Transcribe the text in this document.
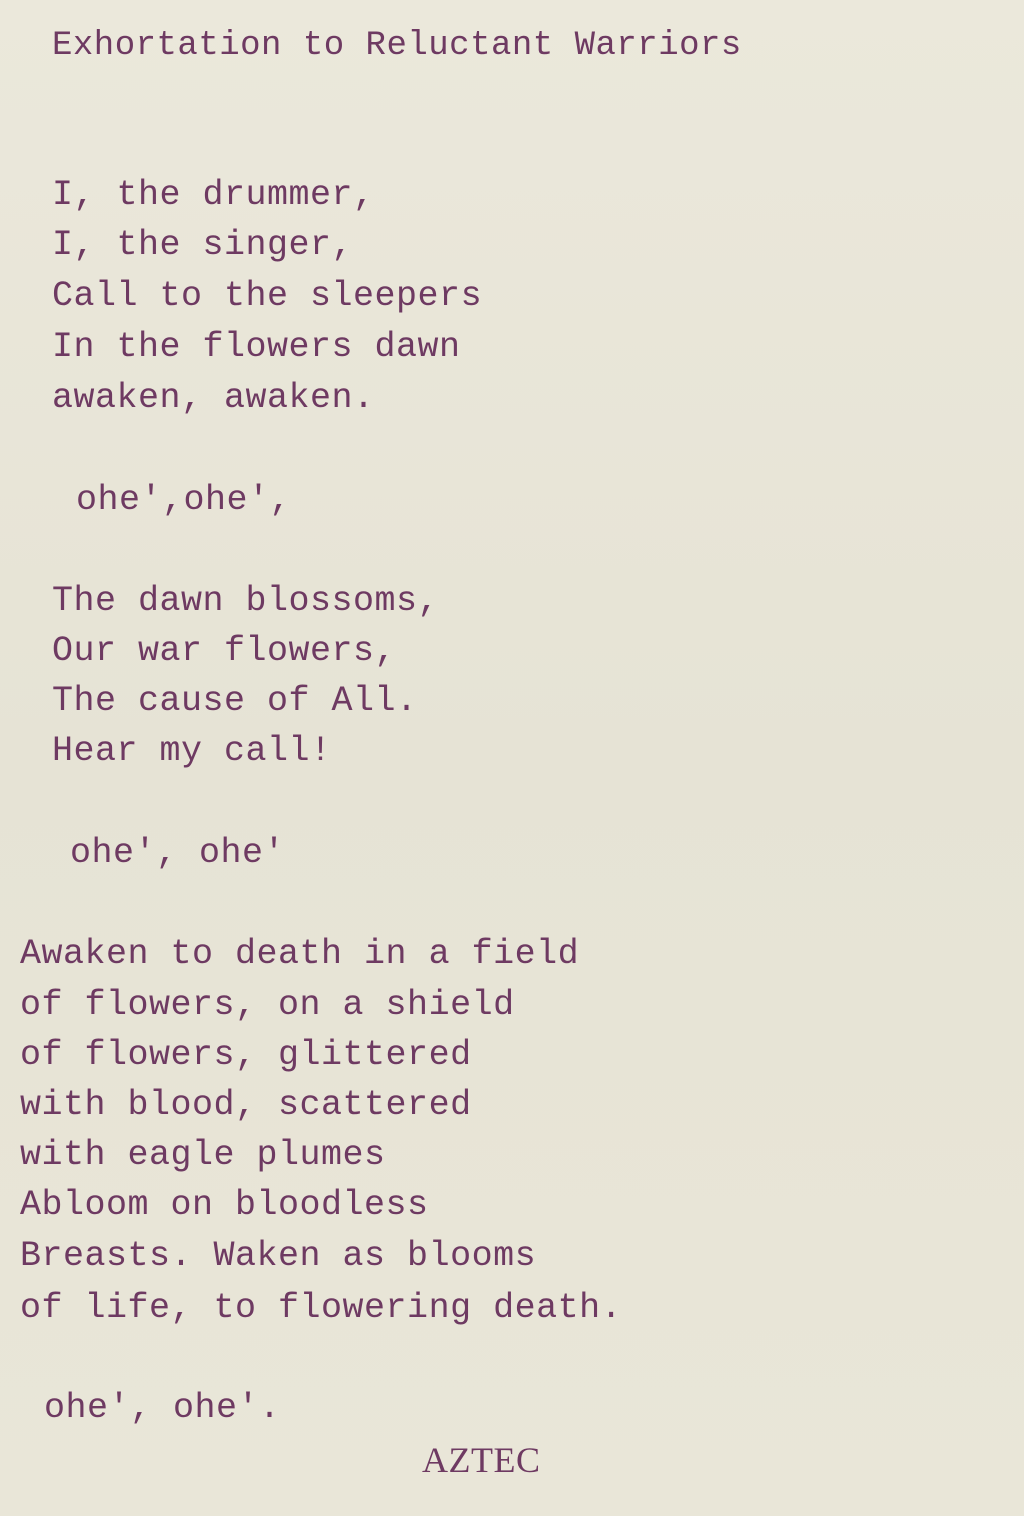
Exhortation to Reluctant Warriors
I, the drummer,
I, the singer,
Call to the sleepers
In the flowers dawn
awaken, awaken.
ohe',ohe',
The dawn blossoms,
Our war flowers,
The cause of All.
Hear my call!
ohe', ohe'
Awaken to death in a field
of flowers, on a shield
of flowers, glittered
with blood, scattered
with eagle plumes
Abloom on bloodless
Breasts. Waken as blooms
of life, to flowering death.
ohe', ohe'.
AZTEC
